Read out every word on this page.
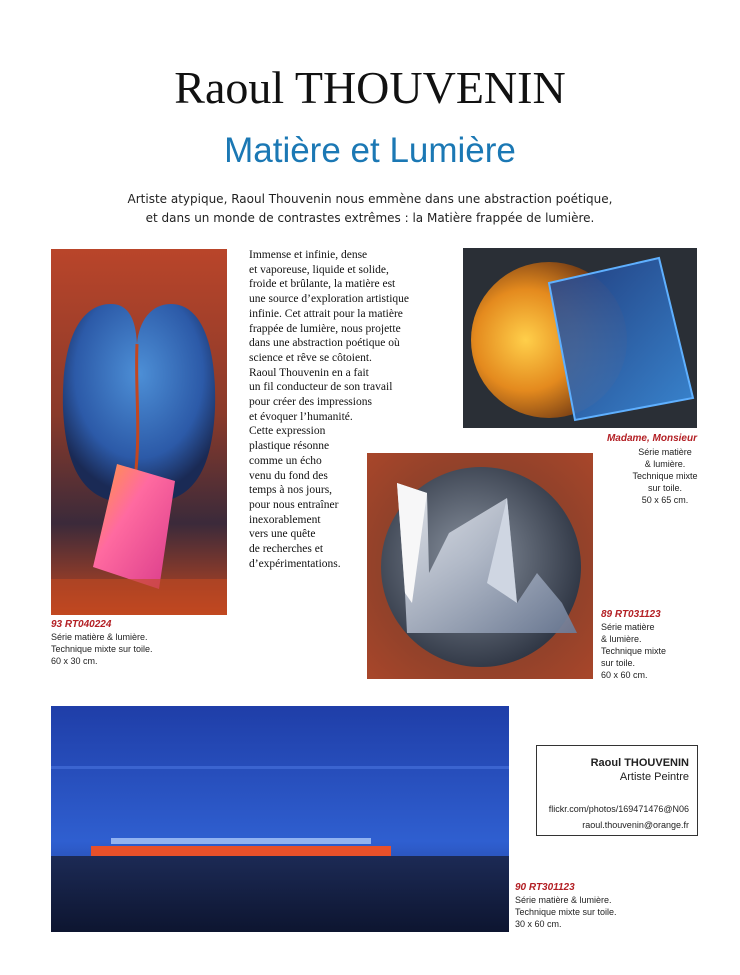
Raoul THOUVENIN
Matière et Lumière
Artiste atypique, Raoul Thouvenin nous emmène dans une abstraction poétique,
et dans un monde de contrastes extrêmes : la Matière frappée de lumière.
93 RT040224
Série matière & lumière.
Technique mixte sur toile.
60 x 30 cm.
Immense et infinie, dense
et vaporeuse, liquide et solide,
froide et brûlante, la matière est
une source d’exploration artistique
infinie. Cet attrait pour la matière
frappée de lumière, nous projette
dans une abstraction poétique où
science et rêve se côtoient.
Raoul Thouvenin en a fait
un fil conducteur de son travail
pour créer des impressions
et évoquer l’humanité.
Cette expression
plastique résonne
comme un écho
venu du fond des
temps à nos jours,
pour nous entraîner
inexorablement
vers une quête
de recherches et
d’expérimentations.
Madame, Monsieur
Série matière
& lumière.
Technique mixte
sur toile.
50 x 65 cm.
89 RT031123
Série matière
& lumière.
Technique mixte
sur toile.
60 x 60 cm.
90 RT301123
Série matière & lumière.
Technique mixte sur toile.
30 x 60 cm.
Raoul THOUVENIN
Artiste Peintre
flickr.com/photos/169471476@N06
raoul.thouvenin@orange.fr
